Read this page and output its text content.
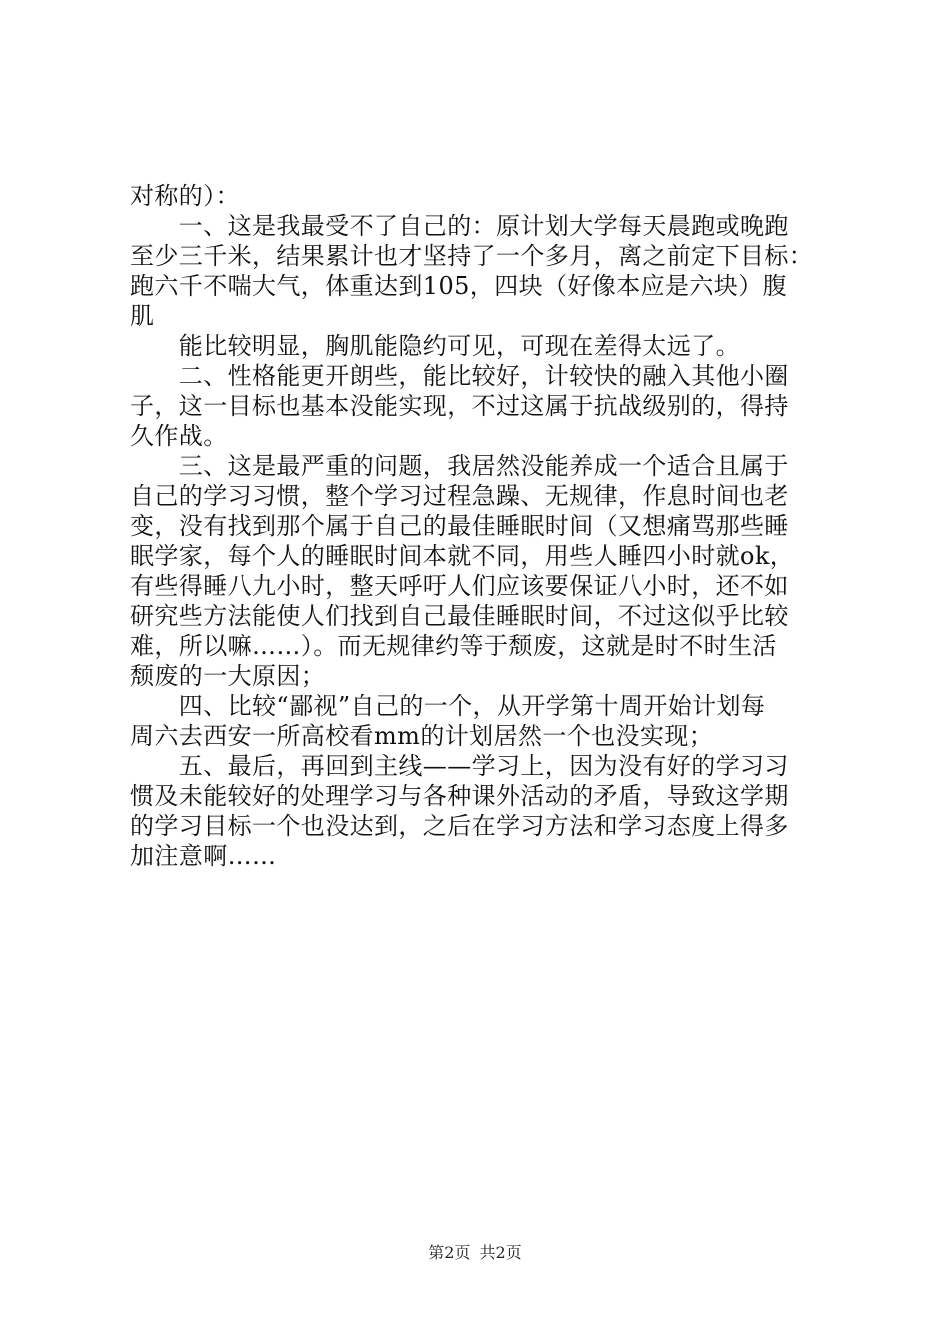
对称的）：
　　一、这是我最受不了自己的：原计划大学每天晨跑或晚跑
至少三千米，结果累计也才坚持了一个多月，离之前定下目标：
跑六千不喘大气，体重达到105，四块（好像本应是六块）腹
肌
　　能比较明显，胸肌能隐约可见，可现在差得太远了。
　　二、性格能更开朗些，能比较好，计较快的融入其他小圈
子，这一目标也基本没能实现，不过这属于抗战级别的，得持
久作战。
　　三、这是最严重的问题，我居然没能养成一个适合且属于
自己的学习习惯，整个学习过程急躁、无规律，作息时间也老
变，没有找到那个属于自己的最佳睡眠时间（又想痛骂那些睡
眠学家，每个人的睡眠时间本就不同，用些人睡四小时就ok，
有些得睡八九小时，整天呼吁人们应该要保证八小时，还不如
研究些方法能使人们找到自己最佳睡眠时间，不过这似乎比较
难，所以嘛……）。而无规律约等于颓废，这就是时不时生活
颓废的一大原因；
　　四、比较“鄙视”自己的一个，从开学第十周开始计划每
周六去西安一所高校看mm的计划居然一个也没实现；
　　五、最后，再回到主线——学习上，因为没有好的学习习
惯及未能较好的处理学习与各种课外活动的矛盾，导致这学期
的学习目标一个也没达到，之后在学习方法和学习态度上得多
加注意啊……
第2页 共2页
